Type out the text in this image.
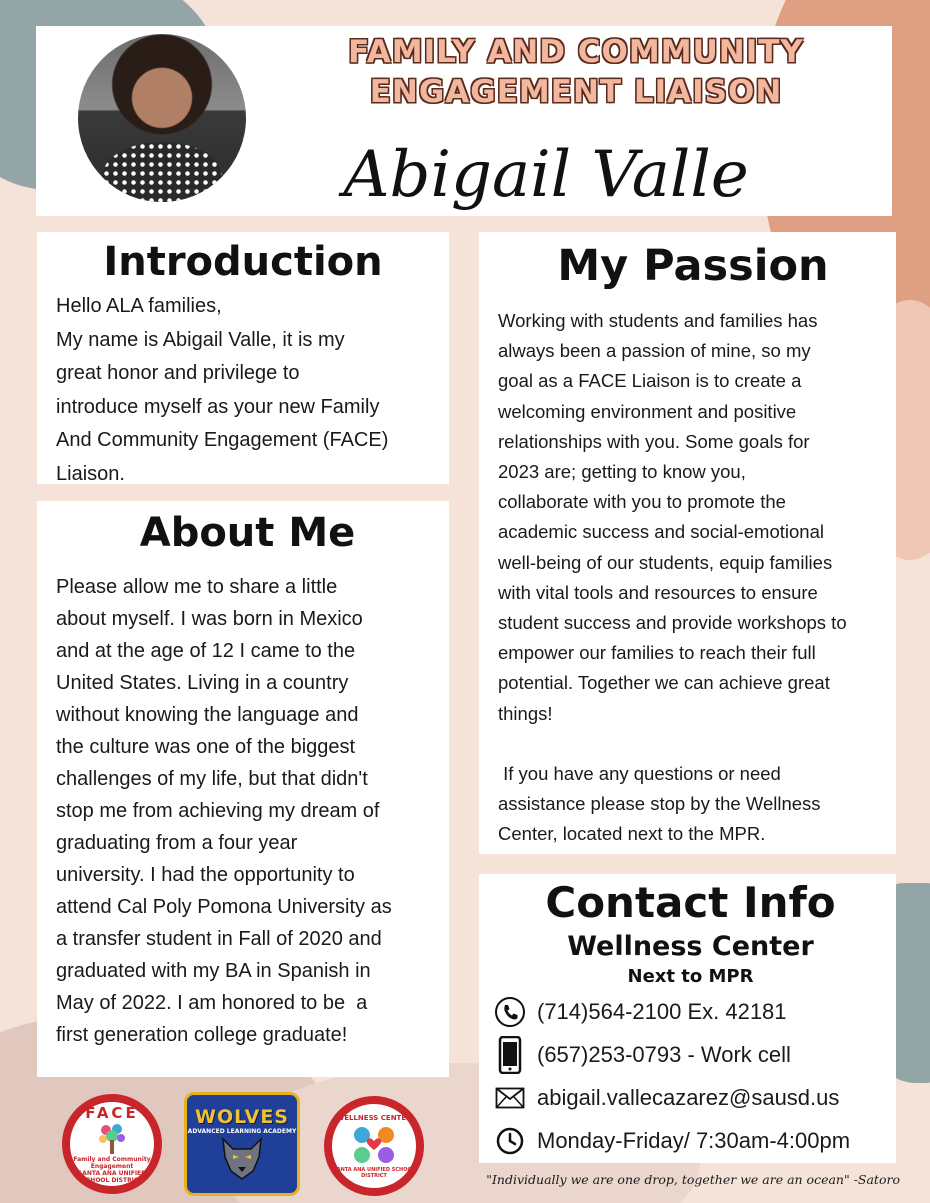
FAMILY AND COMMUNITY
ENGAGEMENT LIAISON
Abigail Valle
Introduction
Hello ALA families,
My name is Abigail Valle, it is my
great honor and privilege to
introduce myself as your new Family
And Community Engagement (FACE)
Liaison.
About Me
Please allow me to share a little
about myself. I was born in Mexico
and at the age of 12 I came to the
United States. Living in a country
without knowing the language and
the culture was one of the biggest
challenges of my life, but that didn't
stop me from achieving my dream of
graduating from a four year
university. I had the opportunity to
attend Cal Poly Pomona University as
a transfer student in Fall of 2020 and
graduated with my BA in Spanish in
May of 2022. I am honored to be  a
first generation college graduate!
My Passion
Working with students and families has
always been a passion of mine, so my
goal as a FACE Liaison is to create a
welcoming environment and positive
relationships with you. Some goals for
2023 are; getting to know you,
collaborate with you to promote the
academic success and social-emotional
well-being of our students, equip families
with vital tools and resources to ensure
student success and provide workshops to
empower our families to reach their full
potential. Together we can achieve great
things!
If you have any questions or need
assistance please stop by the Wellness
Center, located next to the MPR.
Contact Info
Wellness Center
Next to MPR
(714)564-2100 Ex. 42181
(657)253-0793 - Work cell
abigail.vallecazarez@sausd.us
Monday-Friday/ 7:30am-4:00pm
FACE
Family and Community Engagement
SANTA ANA UNIFIED SCHOOL DISTRICT
WOLVES
ADVANCED LEARNING ACADEMY
WELLNESS CENTER
SANTA ANA UNIFIED SCHOOL DISTRICT	"Individually we are one drop, together we are an ocean" -Satoro
